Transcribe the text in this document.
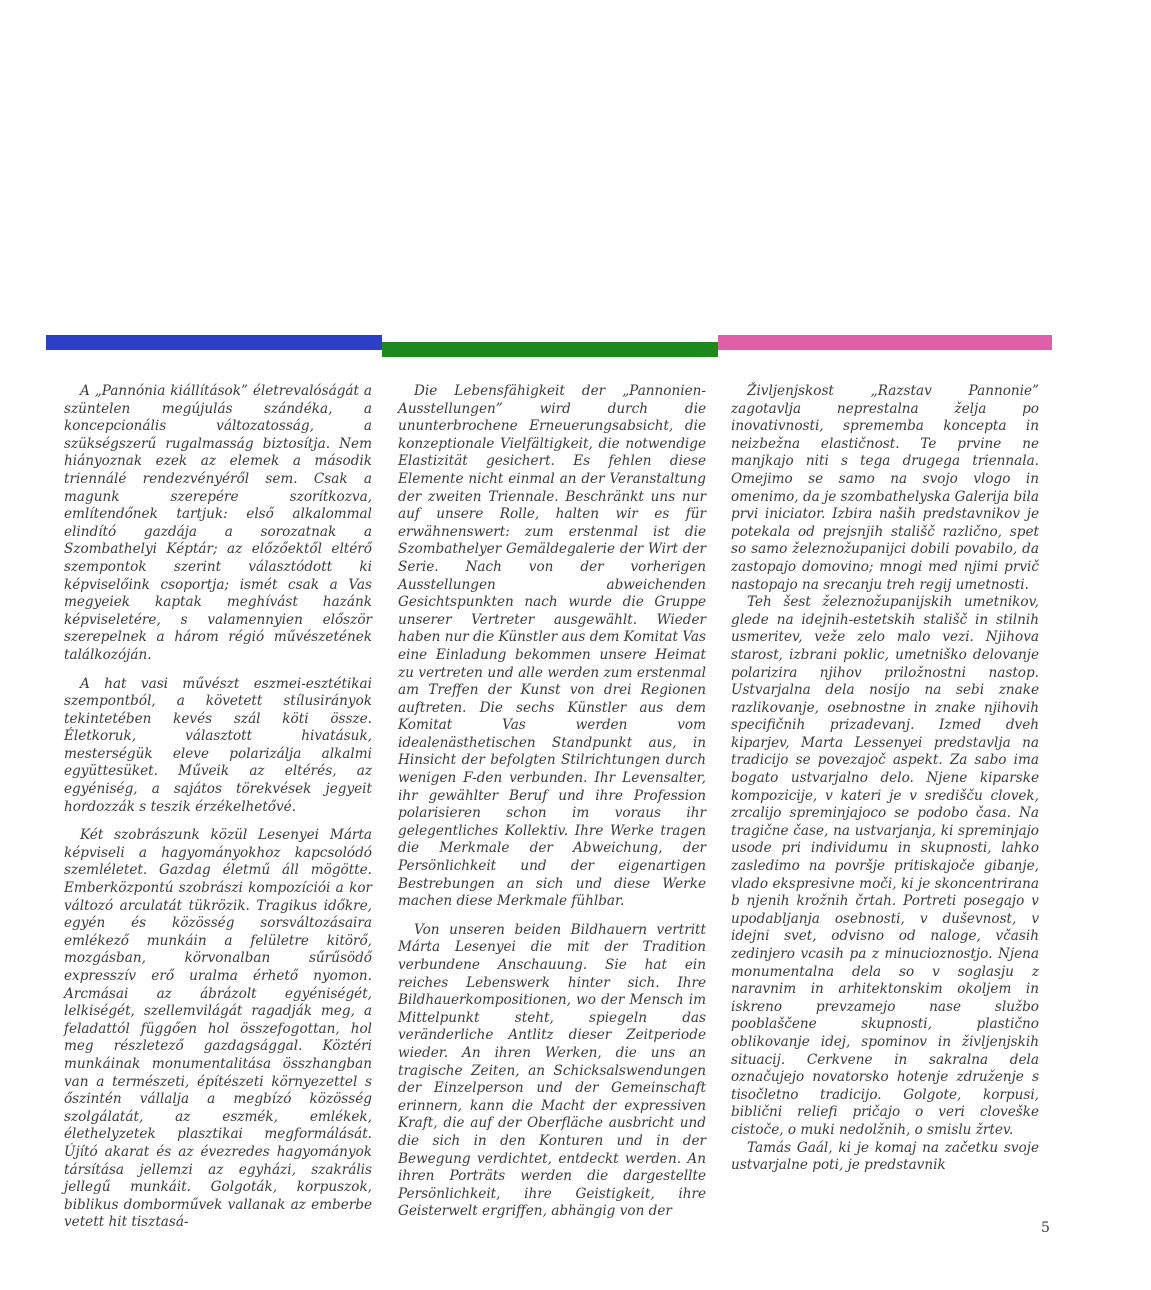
A „Pannónia kiállítások” életrevalóságát a szüntelen megújulás szándéka, a koncepcionális változatosság, a szükségszerű rugalmasság biztosítja. Nem hiányoznak ezek az elemek a második triennálé rendezvényéről sem. Csak a magunk szerepére szorítkozva, említendőnek tartjuk: első alkalommal elindító gazdája a sorozatnak a Szombathelyi Képtár; az előzőektől eltérő szempontok szerint választódott ki képviselőink csoportja; ismét csak a Vas megyeiek kaptak meghívást hazánk képviseletére, s valamennyien először szerepelnek a három régió művészetének találkozóján.

A hat vasi művészt eszmei-esztétikai szempontból, a követett stílusirányok tekintetében kevés szál köti össze. Életkoruk, választott hivatásuk, mesterségük eleve polarizálja alkalmi együttesüket. Műveik az eltérés, az egyéniség, a sajátos törekvések jegyeit hordozzák s teszik érzékelhetővé.

Két szobrászunk közül Lesenyei Márta képviseli a hagyományokhoz kapcsolódó szemléletet. Gazdag életmű áll mögötte. Emberközpontú szobrászi kompozíciói a kor változó arculatát tükrözik. Tragikus időkre, egyén és közösség sorsváltozásaira emlékező munkáin a felületre kitörő, mozgásban, körvonalban sűrűsödő expresszív erő uralma érhető nyomon. Arcmásai az ábrázolt egyéniségét, lelkiségét, szellemvilágát ragadják meg, a feladattól függően hol összefogottan, hol meg részletező gazdagsággal. Köztéri munkáinak monumentalitása összhangban van a természeti, építészeti környezettel s őszintén vállalja a megbízó közösség szolgálatát, az eszmék, emlékek, élethelyzetek plasztikai megformálását. Újító akarat és az évezredes hagyományok társítása jellemzi az egyházi, szakrális jellegű munkáit. Golgoták, korpuszok, biblikus domborművek vallanak az emberbe vetett hit tisztasá-

Die Lebensfähigkeit der „Pannonien-Ausstellungen” wird durch die ununterbrochene Erneuerungsabsicht, die konzeptionale Vielfältigkeit, die notwendige Elastizität gesichert. Es fehlen diese Elemente nicht einmal an der Veranstaltung der zweiten Triennale. Beschränkt uns nur auf unsere Rolle, halten wir es für erwähnenswert: zum erstenmal ist die Szombathelyer Gemäldegalerie der Wirt der Serie. Nach von der vorherigen Ausstellungen abweichenden Gesichtspunkten nach wurde die Gruppe unserer Vertreter ausgewählt. Wieder haben nur die Künstler aus dem Komitat Vas eine Einladung bekommen unsere Heimat zu vertreten und alle werden zum erstenmal am Treffen der Kunst von drei Regionen auftreten. Die sechs Künstler aus dem Komitat Vas werden vom idealenästhetischen Standpunkt aus, in Hinsicht der befolgten Stilrichtungen durch wenigen F-den verbunden. Ihr Levensalter, ihr gewählter Beruf und ihre Profession polarisieren schon im voraus ihr gelegentliches Kollektiv. Ihre Werke tragen die Merkmale der Abweichung, der Persönlichkeit und der eigenartigen Bestrebungen an sich und diese Werke machen diese Merkmale fühlbar.

Von unseren beiden Bildhauern vertritt Márta Lesenyei die mit der Tradition verbundene Anschauung. Sie hat ein reiches Lebenswerk hinter sich. Ihre Bildhauerkompositionen, wo der Mensch im Mittelpunkt steht, spiegeln das veränderliche Antlitz dieser Zeitperiode wieder. An ihren Werken, die uns an tragische Zeiten, an Schicksalswendungen der Einzelperson und der Gemeinschaft erinnern, kann die Macht der expressiven Kraft, die auf der Oberfläche ausbricht und die sich in den Konturen und in der Bewegung verdichtet, entdeckt werden. An ihren Porträts werden die dargestellte Persönlichkeit, ihre Geistigkeit, ihre Geisterwelt ergriffen, abhängig von der

Življenjskost „Razstav Pannonie” zagotavlja neprestalna želja po inovativnosti, sprememba koncepta in neizbežna elastičnost. Te prvine ne manjkajo niti s tega drugega triennala. Omejimo se samo na svojo vlogo in omenimo, da je szombathelyska Galerija bila prvi iniciator. Izbira naših predstavnikov je potekala od prejsnjih stališč različno, spet so samo železnožupanijci dobili povabilo, da zastopajo domovino; mnogi med njimi prvič nastopajo na srecanju treh regij umetnosti.

Teh šest železnožupanijskih umetnikov, glede na idejnih-estetskih stališč in stilnih usmeritev, veže zelo malo vezi. Njihova starost, izbrani poklic, umetniško delovanje polarizira njihov priložnostni nastop. Ustvarjalna dela nosijo na sebi znake razlikovanje, osebnostne in znake njihovih specifičnih prizadevanj. Izmed dveh kiparjev, Marta Lessenyei predstavlja na tradicijo se povezajoč aspekt. Za sabo ima bogato ustvarjalno delo. Njene kiparske kompozicije, v kateri je v središču clovek, zrcalijo spreminjajoco se podobo časa. Na tragične čase, na ustvarjanja, ki spreminjajo usode pri individumu in skupnosti, lahko zasledimo na površje pritiskajoče gibanje, vlado ekspresivne moči, ki je skoncentrirana b njenih krožnih črtah. Portreti posegajo v upodabljanja osebnosti, v duševnost, v idejni svet, odvisno od naloge, včasih zedinjero vcasih pa z minucioznostjo. Njena monumentalna dela so v soglasju z naravnim in arhitektonskim okoljem in iskreno prevzamejo nase službo pooblaščene skupnosti, plastično oblikovanje idej, spominov in življenjskih situacij. Cerkvene in sakralna dela označujejo novatorsko hotenje združenje s tisočletno tradicijo. Golgote, korpusi, biblični reliefi pričajo o veri cloveške cistoče, o muki nedolžnih, o smislu žrtev.

Tamás Gaál, ki je komaj na začetku svoje ustvarjalne poti, je predstavnik

5
